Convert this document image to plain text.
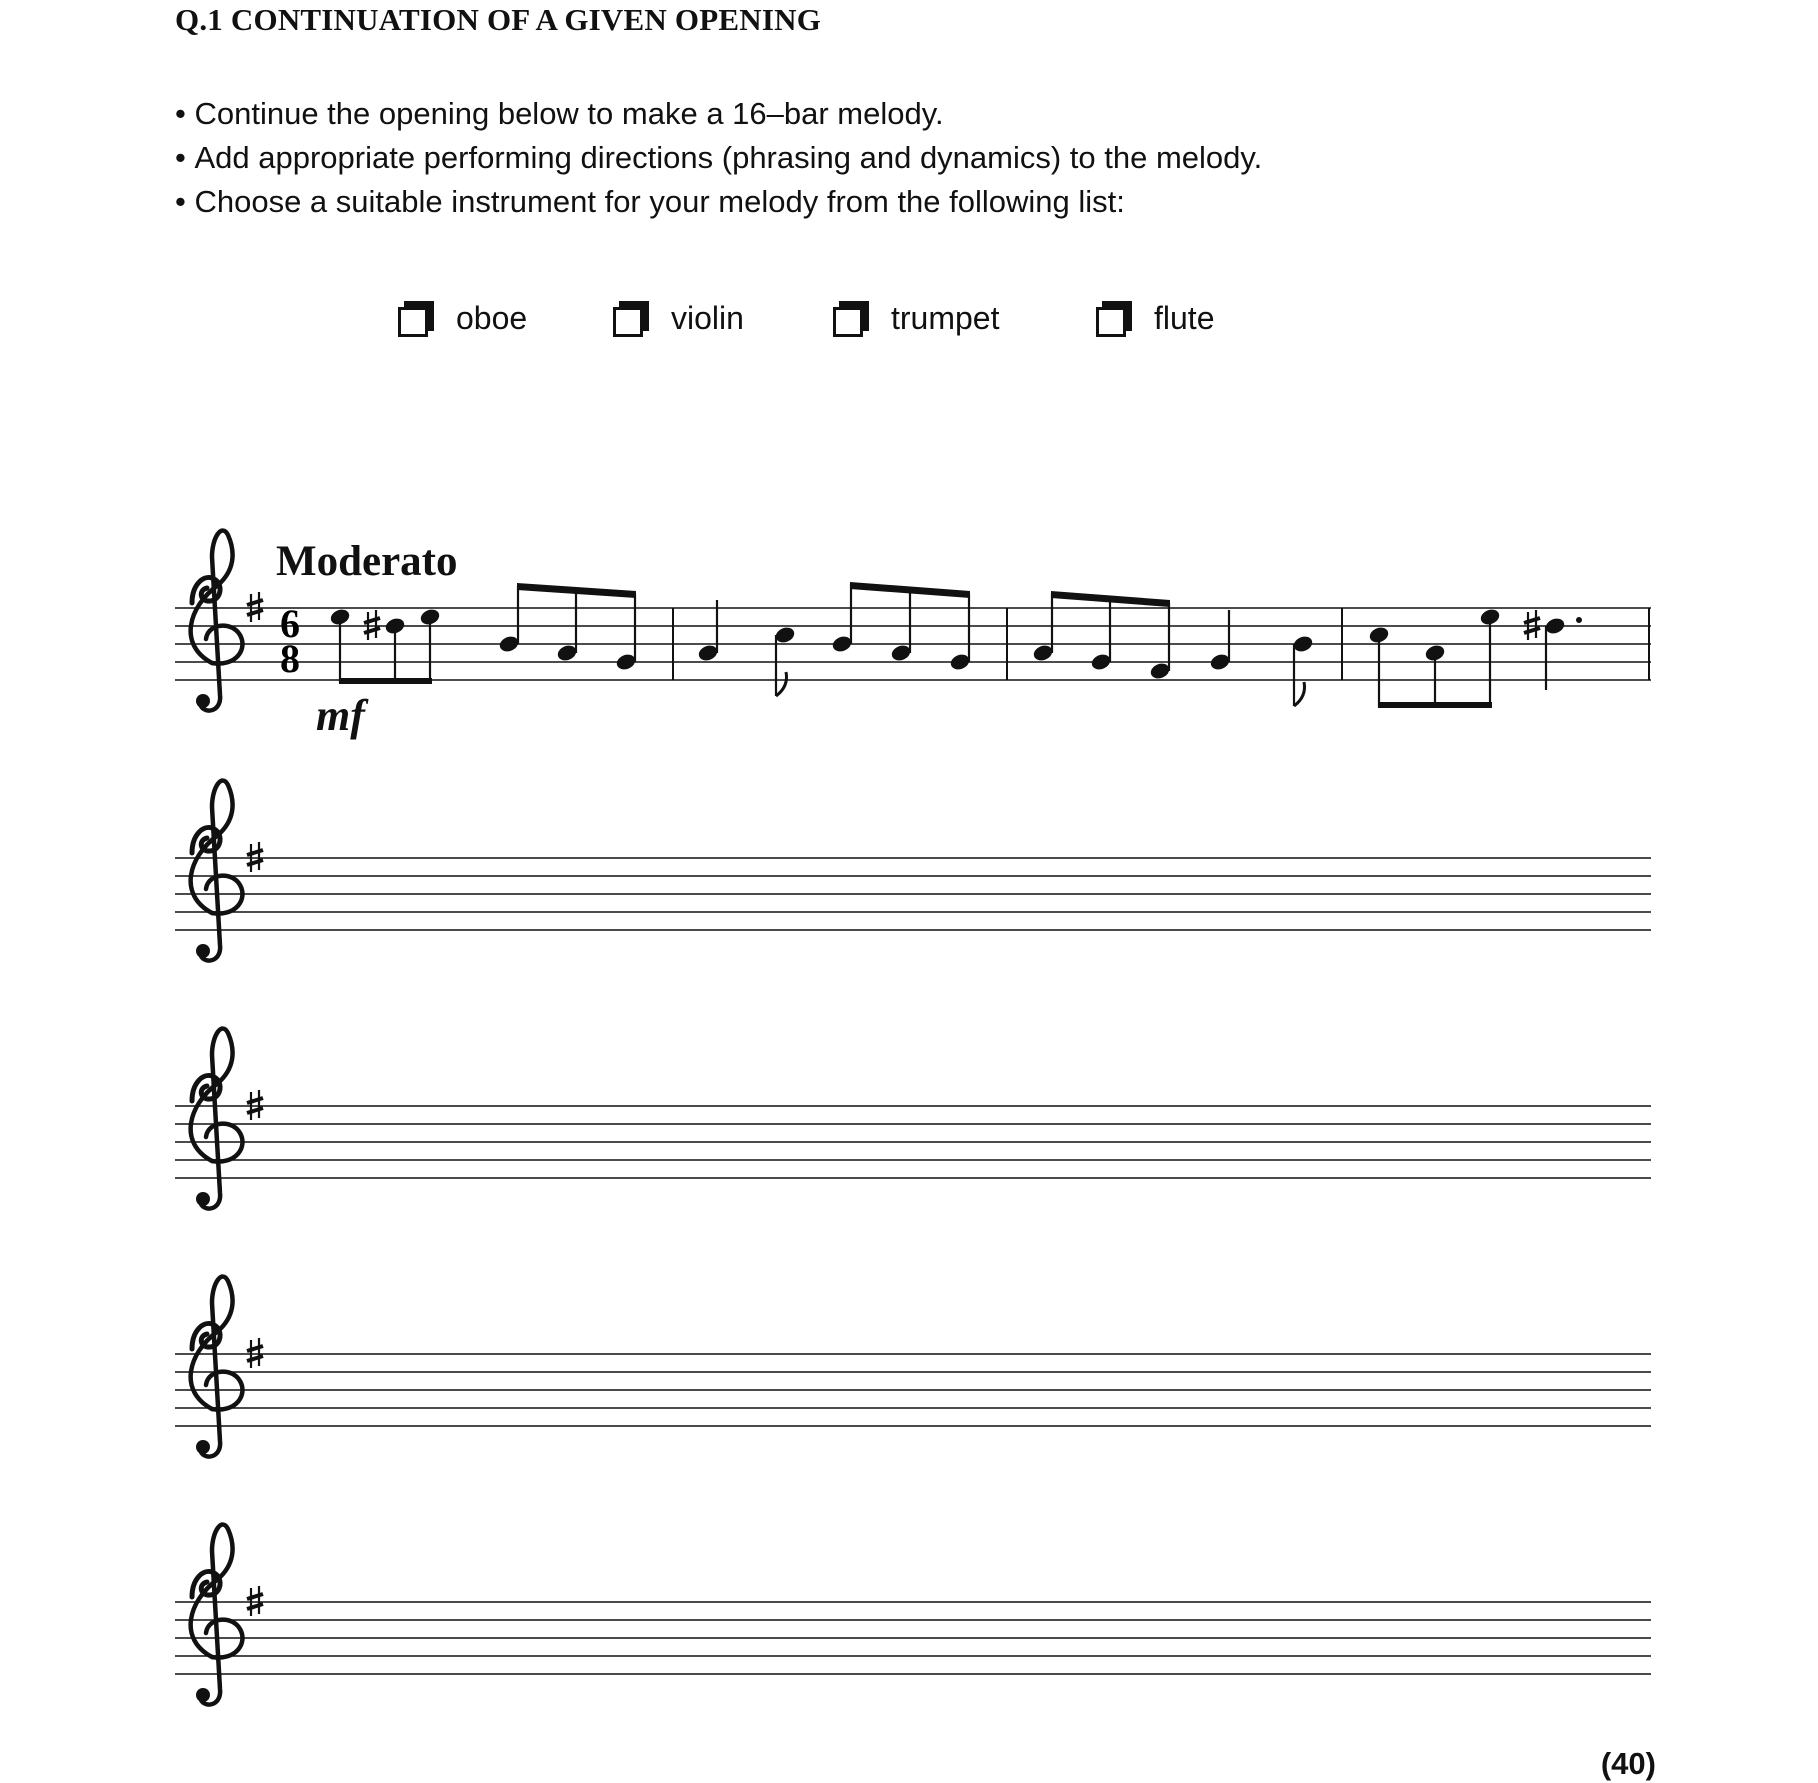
Q.1 CONTINUATION OF A GIVEN OPENING
• Continue the opening below to make a 16–bar melody.
• Add appropriate performing directions (phrasing and dynamics) to the melody.
• Choose a suitable instrument for your melody from the following list:
oboe	violin	trumpet	flute
Moderato
mf
6
8
(40)
